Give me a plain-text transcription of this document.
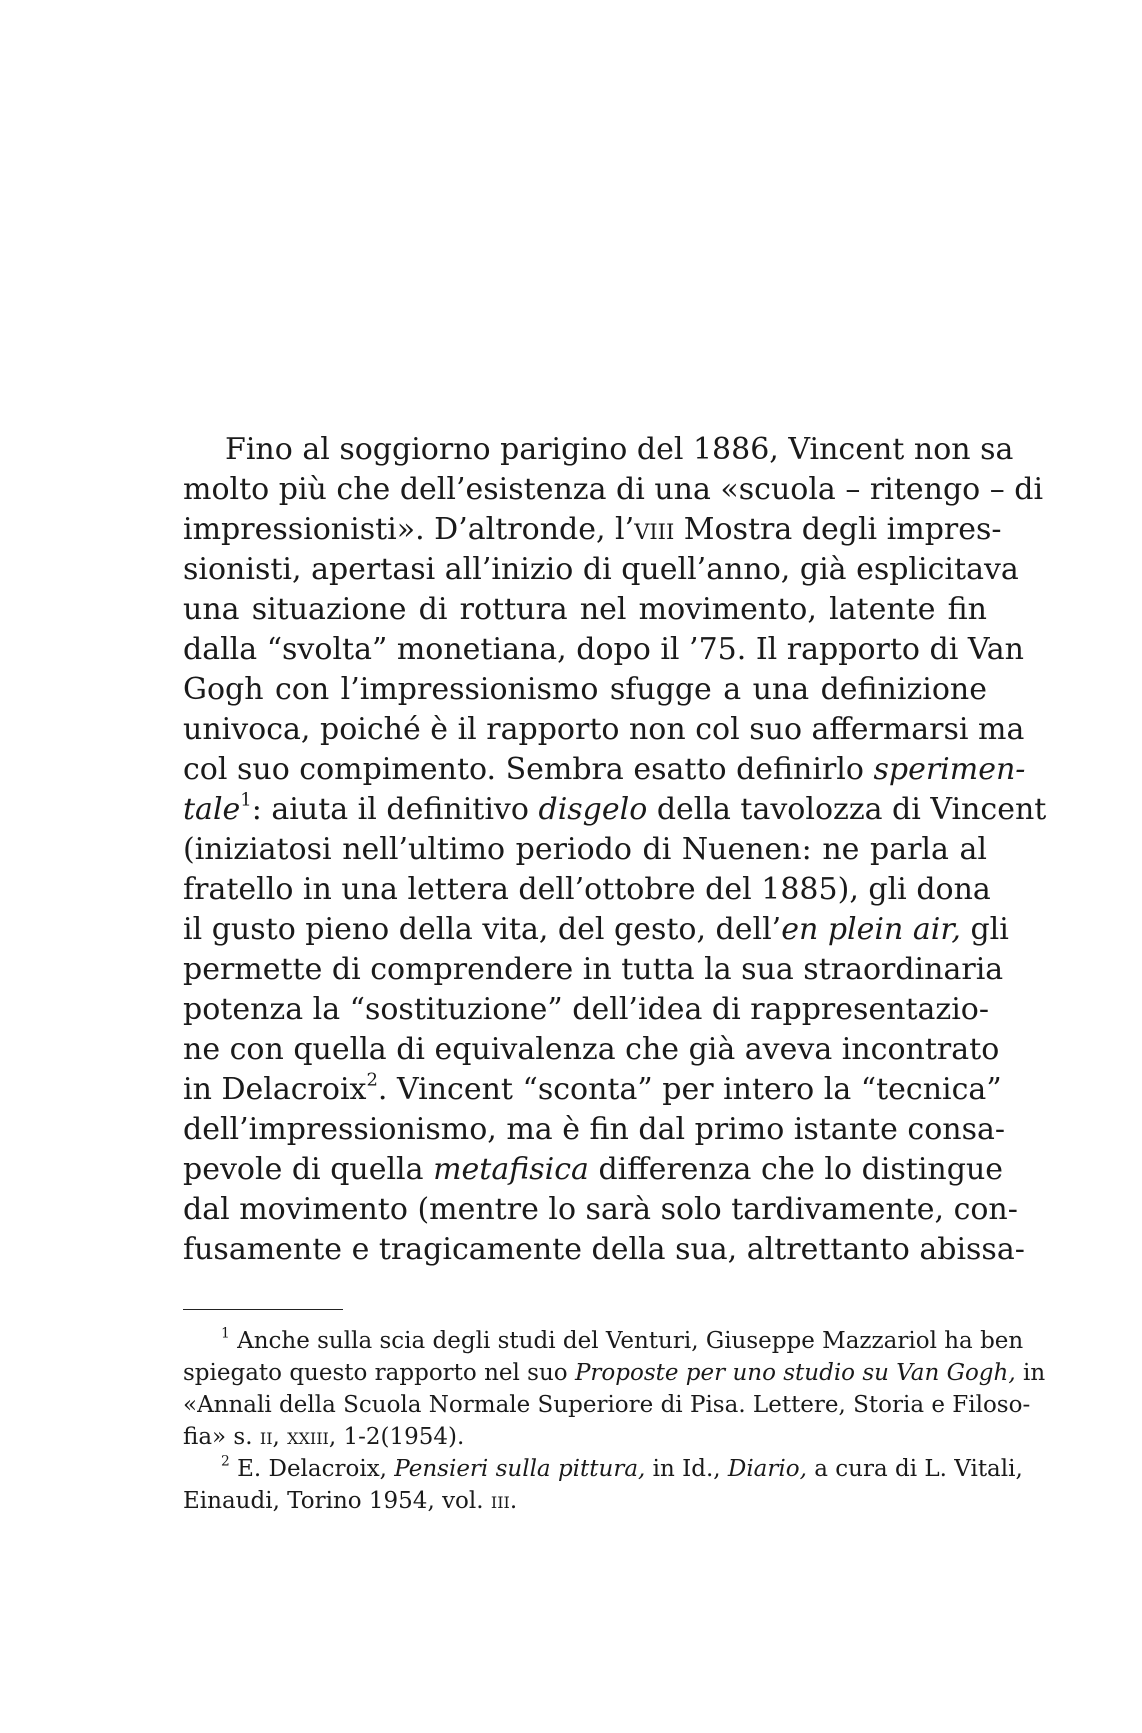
Fino al soggiorno parigino del 1886, Vincent non sa
molto più che dell’esistenza di una «scuola – ritengo – di
impressionisti». D’altronde, l’viii Mostra degli impres-
sionisti, apertasi all’inizio di quell’anno, già esplicitava
una situazione di rottura nel movimento, latente fin
dalla “svolta” monetiana, dopo il ’75. Il rapporto di Van
Gogh con l’impressionismo sfugge a una definizione
univoca, poiché è il rapporto non col suo affermarsi ma
col suo compimento. Sembra esatto definirlo sperimen-
tale$^1$: aiuta il definitivo disgelo della tavolozza di Vincent
(iniziatosi nell’ultimo periodo di Nuenen: ne parla al
fratello in una lettera dell’ottobre del 1885), gli dona
il gusto pieno della vita, del gesto, dell’en plein air, gli
permette di comprendere in tutta la sua straordinaria
potenza la “sostituzione” dell’idea di rappresentazio-
ne con quella di equivalenza che già aveva incontrato
in Delacroix$^2$. Vincent “sconta” per intero la “tecnica”
dell’impressionismo, ma è fin dal primo istante consa-
pevole di quella metafisica differenza che lo distingue
dal movimento (mentre lo sarà solo tardivamente, con-
fusamente e tragicamente della sua, altrettanto abissa-
$^1$ Anche sulla scia degli studi del Venturi, Giuseppe Mazzariol ha ben
spiegato questo rapporto nel suo Proposte per uno studio su Van Gogh, in
«Annali della Scuola Normale Superiore di Pisa. Lettere, Storia e Filoso-
fia» s. ii, xxiii, 1-2(1954).
$^2$ E. Delacroix, Pensieri sulla pittura, in Id., Diario, a cura di L. Vitali,
Einaudi, Torino 1954, vol. iii.
